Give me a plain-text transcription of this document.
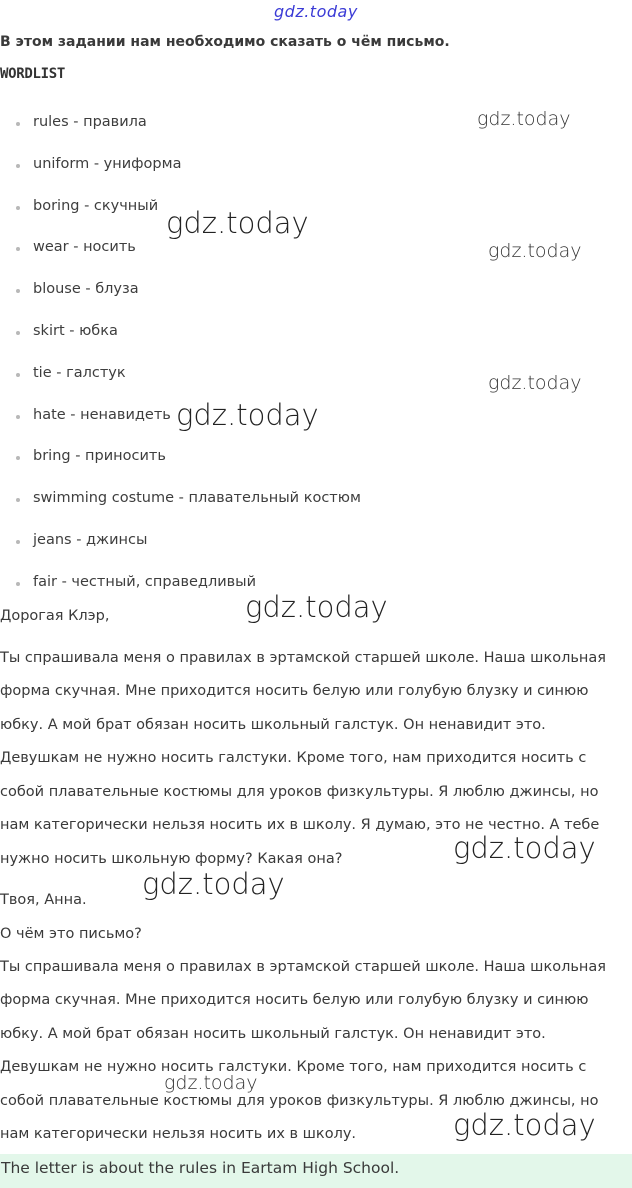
gdz.today
В этом задании нам необходимо сказать о чём письмо.
WORDLIST
rules - правила
uniform - униформа
boring - скучный
wear - носить
blouse - блуза
skirt - юбка
tie - галстук
hate - ненавидеть
bring - приносить
swimming costume - плавательный костюм
jeans - джинсы
fair - честный, справедливый
Дорогая Клэр,
Ты спрашивала меня о правилах в эртамской старшей школе. Наша школьная
форма скучная. Мне приходится носить белую или голубую блузку и синюю
юбку. А мой брат обязан носить школьный галстук. Он ненавидит это.
Девушкам не нужно носить галстуки. Кроме того, нам приходится носить с
собой плавательные костюмы для уроков физкультуры. Я люблю джинсы, но
нам категорически нельзя носить их в школу. Я думаю, это не честно. А тебе
нужно носить школьную форму? Какая она?
Твоя, Анна.
О чём это письмо?
Ты спрашивала меня о правилах в эртамской старшей школе. Наша школьная
форма скучная. Мне приходится носить белую или голубую блузку и синюю
юбку. А мой брат обязан носить школьный галстук. Он ненавидит это.
Девушкам не нужно носить галстуки. Кроме того, нам приходится носить с
собой плавательные костюмы для уроков физкультуры. Я люблю джинсы, но
нам категорически нельзя носить их в школу.
The letter is about the rules in Eartam High School.
gdz.today
gdz.today
gdz.today
gdz.today
gdz.today
gdz.today
gdz.today
gdz.today
gdz.today
gdz.today
